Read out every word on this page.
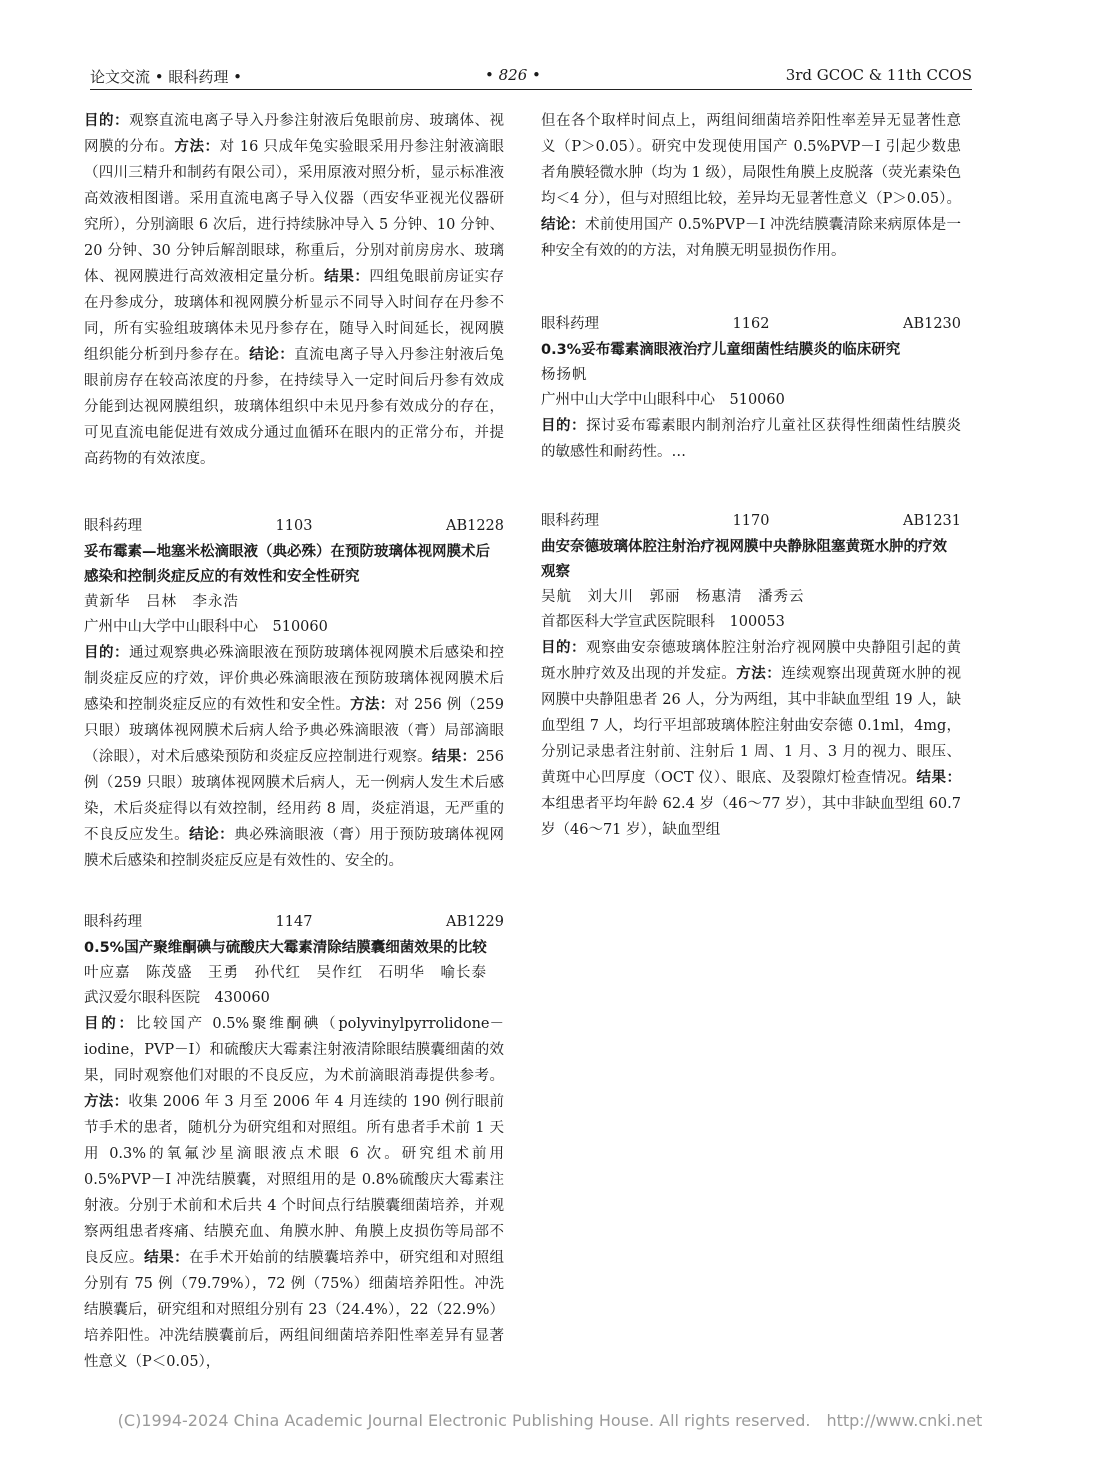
论文交流 • 眼科药理 •	• 826 •	3rd GCOC & 11th CCOS

目的：观察直流电离子导入丹参注射液后兔眼前房、玻璃体、视网膜的分布。方法：对 16 只成年兔实验眼采用丹参注射液滴眼（四川三精升和制药有限公司），采用原液对照分析，显示标准液高效液相图谱。采用直流电离子导入仪器（西安华亚视光仪器研究所），分别滴眼 6 次后，进行持续脉冲导入 5 分钟、10 分钟、20 分钟、30 分钟后解剖眼球，称重后，分别对前房房水、玻璃体、视网膜进行高效液相定量分析。结果：四组兔眼前房证实存在丹参成分，玻璃体和视网膜分析显示不同导入时间存在丹参不同，所有实验组玻璃体未见丹参存在，随导入时间延长，视网膜组织能分析到丹参存在。结论：直流电离子导入丹参注射液后兔眼前房存在较高浓度的丹参，在持续导入一定时间后丹参有效成分能到达视网膜组织，玻璃体组织中未见丹参有效成分的存在，可见直流电能促进有效成分通过血循环在眼内的正常分布，并提高药物的有效浓度。

眼科药理	1103	AB1228
妥布霉素—地塞米松滴眼液（典必殊）在预防玻璃体视网膜术后感染和控制炎症反应的有效性和安全性研究
黄新华　吕林　李永浩
广州中山大学中山眼科中心　510060

目的：通过观察典必殊滴眼液在预防玻璃体视网膜术后感染和控制炎症反应的疗效，评价典必殊滴眼液在预防玻璃体视网膜术后感染和控制炎症反应的有效性和安全性。方法：对 256 例（259 只眼）玻璃体视网膜术后病人给予典必殊滴眼液（膏）局部滴眼（涂眼），对术后感染预防和炎症反应控制进行观察。结果：256 例（259 只眼）玻璃体视网膜术后病人，无一例病人发生术后感染，术后炎症得以有效控制，经用药 8 周，炎症消退，无严重的不良反应发生。结论：典必殊滴眼液（膏）用于预防玻璃体视网膜术后感染和控制炎症反应是有效性的、安全的。

眼科药理	1147	AB1229
0.5%国产聚维酮碘与硫酸庆大霉素清除结膜囊细菌效果的比较
叶应嘉　陈茂盛　王勇　孙代红　吴作红　石明华　喻长泰
武汉爱尔眼科医院　430060

目的：比较国产 0.5%聚维酮碘（polyvinylpyrrolidone－iodine，PVP－I）和硫酸庆大霉素注射液清除眼结膜囊细菌的效果，同时观察他们对眼的不良反应，为术前滴眼消毒提供参考。方法：收集 2006 年 3 月至 2006 年 4 月连续的 190 例行眼前节手术的患者，随机分为研究组和对照组。所有患者手术前 1 天用 0.3%的氧氟沙星滴眼液点术眼 6 次。研究组术前用 0.5%PVP－I 冲洗结膜囊，对照组用的是 0.8%硫酸庆大霉素注射液。分别于术前和术后共 4 个时间点行结膜囊细菌培养，并观察两组患者疼痛、结膜充血、角膜水肿、角膜上皮损伤等局部不良反应。结果：在手术开始前的结膜囊培养中，研究组和对照组分别有 75 例（79.79%），72 例（75%）细菌培养阳性。冲洗结膜囊后，研究组和对照组分别有 23（24.4%），22（22.9%）培养阳性。冲洗结膜囊前后，两组间细菌培养阳性率差异有显著性意义（P＜0.05），

但在各个取样时间点上，两组间细菌培养阳性率差异无显著性意义（P＞0.05）。研究中发现使用国产 0.5%PVP－I 引起少数患者角膜轻微水肿（均为 1 级），局限性角膜上皮脱落（荧光素染色均＜4 分），但与对照组比较，差异均无显著性意义（P＞0.05）。结论：术前使用国产 0.5%PVP－I 冲洗结膜囊清除来病原体是一种安全有效的的方法，对角膜无明显损伤作用。

眼科药理	1162	AB1230
0.3%妥布霉素滴眼液治疗儿童细菌性结膜炎的临床研究
杨扬帆
广州中山大学中山眼科中心　510060

目的：探讨妥布霉素眼内制剂治疗儿童社区获得性细菌性结膜炎的敏感性和耐药性。…

眼科药理	1170	AB1231
曲安奈德玻璃体腔注射治疗视网膜中央静脉阻塞黄斑水肿的疗效观察
吴航　刘大川　郭丽　杨惠清　潘秀云
首都医科大学宣武医院眼科　100053

目的：观察曲安奈德玻璃体腔注射治疗视网膜中央静阻引起的黄斑水肿疗效及出现的并发症。方法：连续观察出现黄斑水肿的视网膜中央静阻患者 26 人，分为两组，其中非缺血型组 19 人，缺血型组 7 人，均行平坦部玻璃体腔注射曲安奈德 0.1ml，4mg，分别记录患者注射前、注射后 1 周、1 月、3 月的视力、眼压、黄斑中心凹厚度（OCT 仪）、眼底、及裂隙灯检查情况。结果：本组患者平均年龄 62.4 岁（46～77 岁），其中非缺血型组 60.7 岁（46～71 岁），缺血型组

(C)1994-2024 China Academic Journal Electronic Publishing House. All rights reserved.　http://www.cnki.net
